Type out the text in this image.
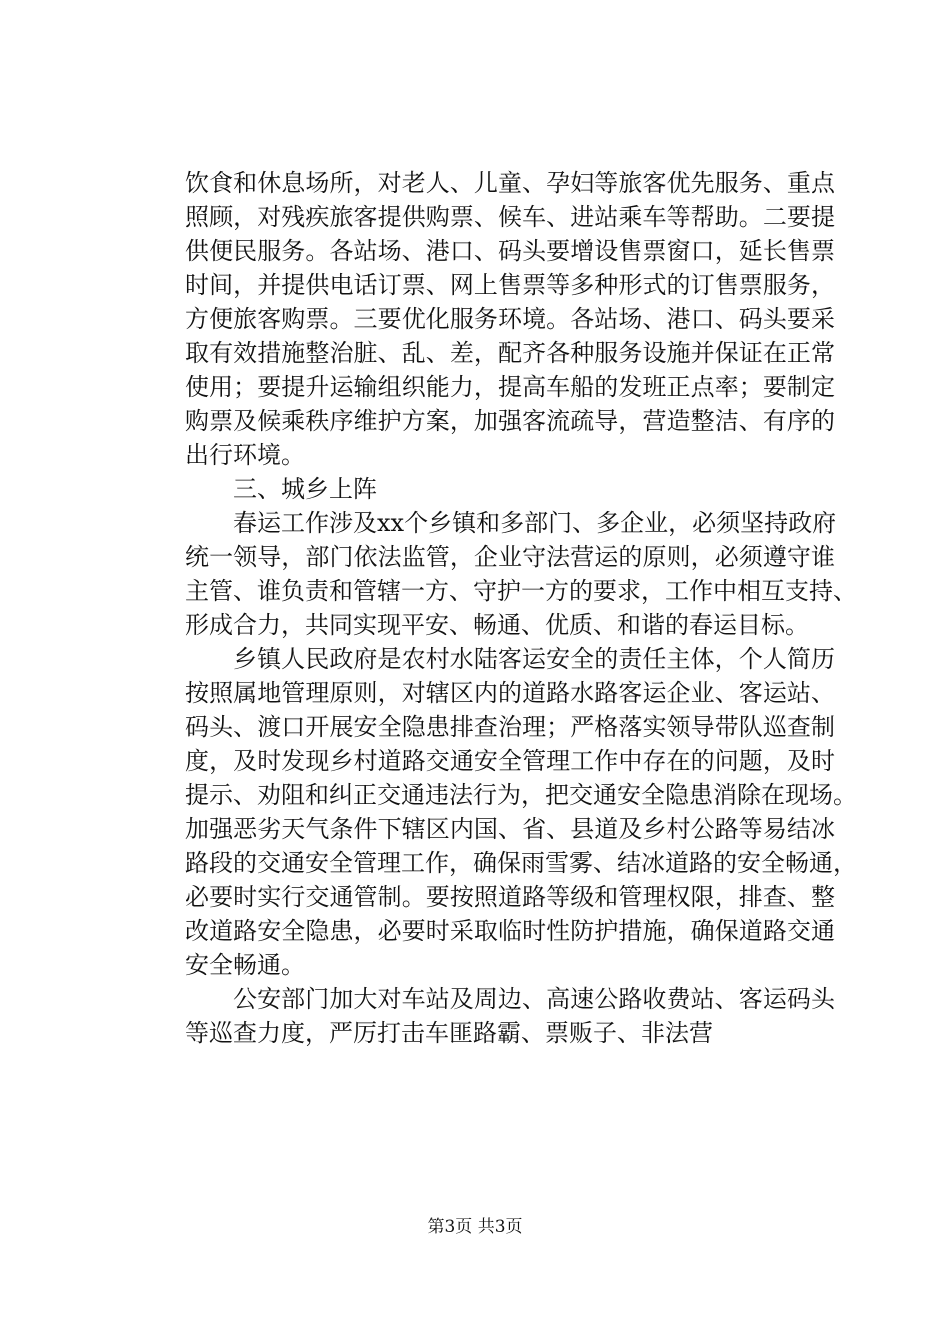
饮食和休息场所，对老人、儿童、孕妇等旅客优先服务、重点
照顾，对残疾旅客提供购票、候车、进站乘车等帮助。二要提
供便民服务。各站场、港口、码头要增设售票窗口，延长售票
时间，并提供电话订票、网上售票等多种形式的订售票服务，
方便旅客购票。三要优化服务环境。各站场、港口、码头要采
取有效措施整治脏、乱、差，配齐各种服务设施并保证在正常
使用；要提升运输组织能力，提高车船的发班正点率；要制定
购票及候乘秩序维护方案，加强客流疏导，营造整洁、有序的
出行环境。
三、城乡上阵
春运工作涉及xx个乡镇和多部门、多企业，必须坚持政府
统一领导，部门依法监管，企业守法营运的原则，必须遵守谁
主管、谁负责和管辖一方、守护一方的要求，工作中相互支持、
形成合力，共同实现平安、畅通、优质、和谐的春运目标。
乡镇人民政府是农村水陆客运安全的责任主体，个人简历
按照属地管理原则，对辖区内的道路水路客运企业、客运站、
码头、渡口开展安全隐患排查治理；严格落实领导带队巡查制
度，及时发现乡村道路交通安全管理工作中存在的问题，及时
提示、劝阻和纠正交通违法行为，把交通安全隐患消除在现场。
加强恶劣天气条件下辖区内国、省、县道及乡村公路等易结冰
路段的交通安全管理工作，确保雨雪雾、结冰道路的安全畅通，
必要时实行交通管制。要按照道路等级和管理权限，排查、整
改道路安全隐患，必要时采取临时性防护措施，确保道路交通
安全畅通。
公安部门加大对车站及周边、高速公路收费站、客运码头
等巡查力度，严厉打击车匪路霸、票贩子、非法营
第3页 共3页
